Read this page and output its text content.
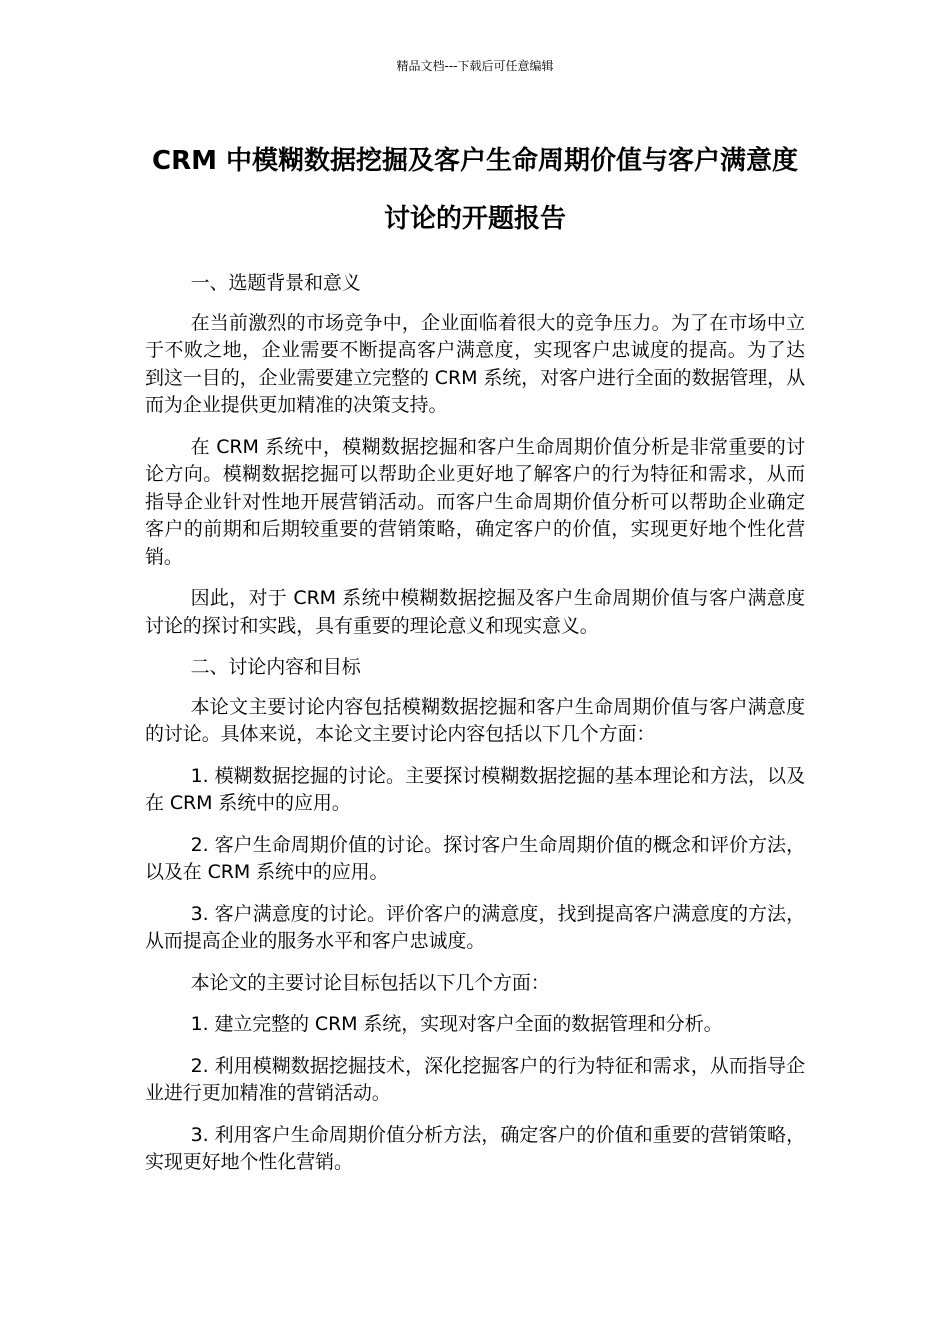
精品文档---下载后可任意编辑
CRM 中模糊数据挖掘及客户生命周期价值与客户满意度讨论的开题报告

一、选题背景和意义

在当前激烈的市场竞争中，企业面临着很大的竞争压力。为了在市场中立于不败之地，企业需要不断提高客户满意度，实现客户忠诚度的提高。为了达到这一目的，企业需要建立完整的 CRM 系统，对客户进行全面的数据管理，从而为企业提供更加精准的决策支持。

在 CRM 系统中，模糊数据挖掘和客户生命周期价值分析是非常重要的讨论方向。模糊数据挖掘可以帮助企业更好地了解客户的行为特征和需求，从而指导企业针对性地开展营销活动。而客户生命周期价值分析可以帮助企业确定客户的前期和后期较重要的营销策略，确定客户的价值，实现更好地个性化营销。

因此，对于 CRM 系统中模糊数据挖掘及客户生命周期价值与客户满意度讨论的探讨和实践，具有重要的理论意义和现实意义。

二、讨论内容和目标

本论文主要讨论内容包括模糊数据挖掘和客户生命周期价值与客户满意度的讨论。具体来说，本论文主要讨论内容包括以下几个方面：

1. 模糊数据挖掘的讨论。主要探讨模糊数据挖掘的基本理论和方法，以及在 CRM 系统中的应用。

2. 客户生命周期价值的讨论。探讨客户生命周期价值的概念和评价方法，以及在 CRM 系统中的应用。

3. 客户满意度的讨论。评价客户的满意度，找到提高客户满意度的方法，从而提高企业的服务水平和客户忠诚度。

本论文的主要讨论目标包括以下几个方面：

1. 建立完整的 CRM 系统，实现对客户全面的数据管理和分析。

2. 利用模糊数据挖掘技术，深化挖掘客户的行为特征和需求，从而指导企业进行更加精准的营销活动。

3. 利用客户生命周期价值分析方法，确定客户的价值和重要的营销策略，实现更好地个性化营销。
